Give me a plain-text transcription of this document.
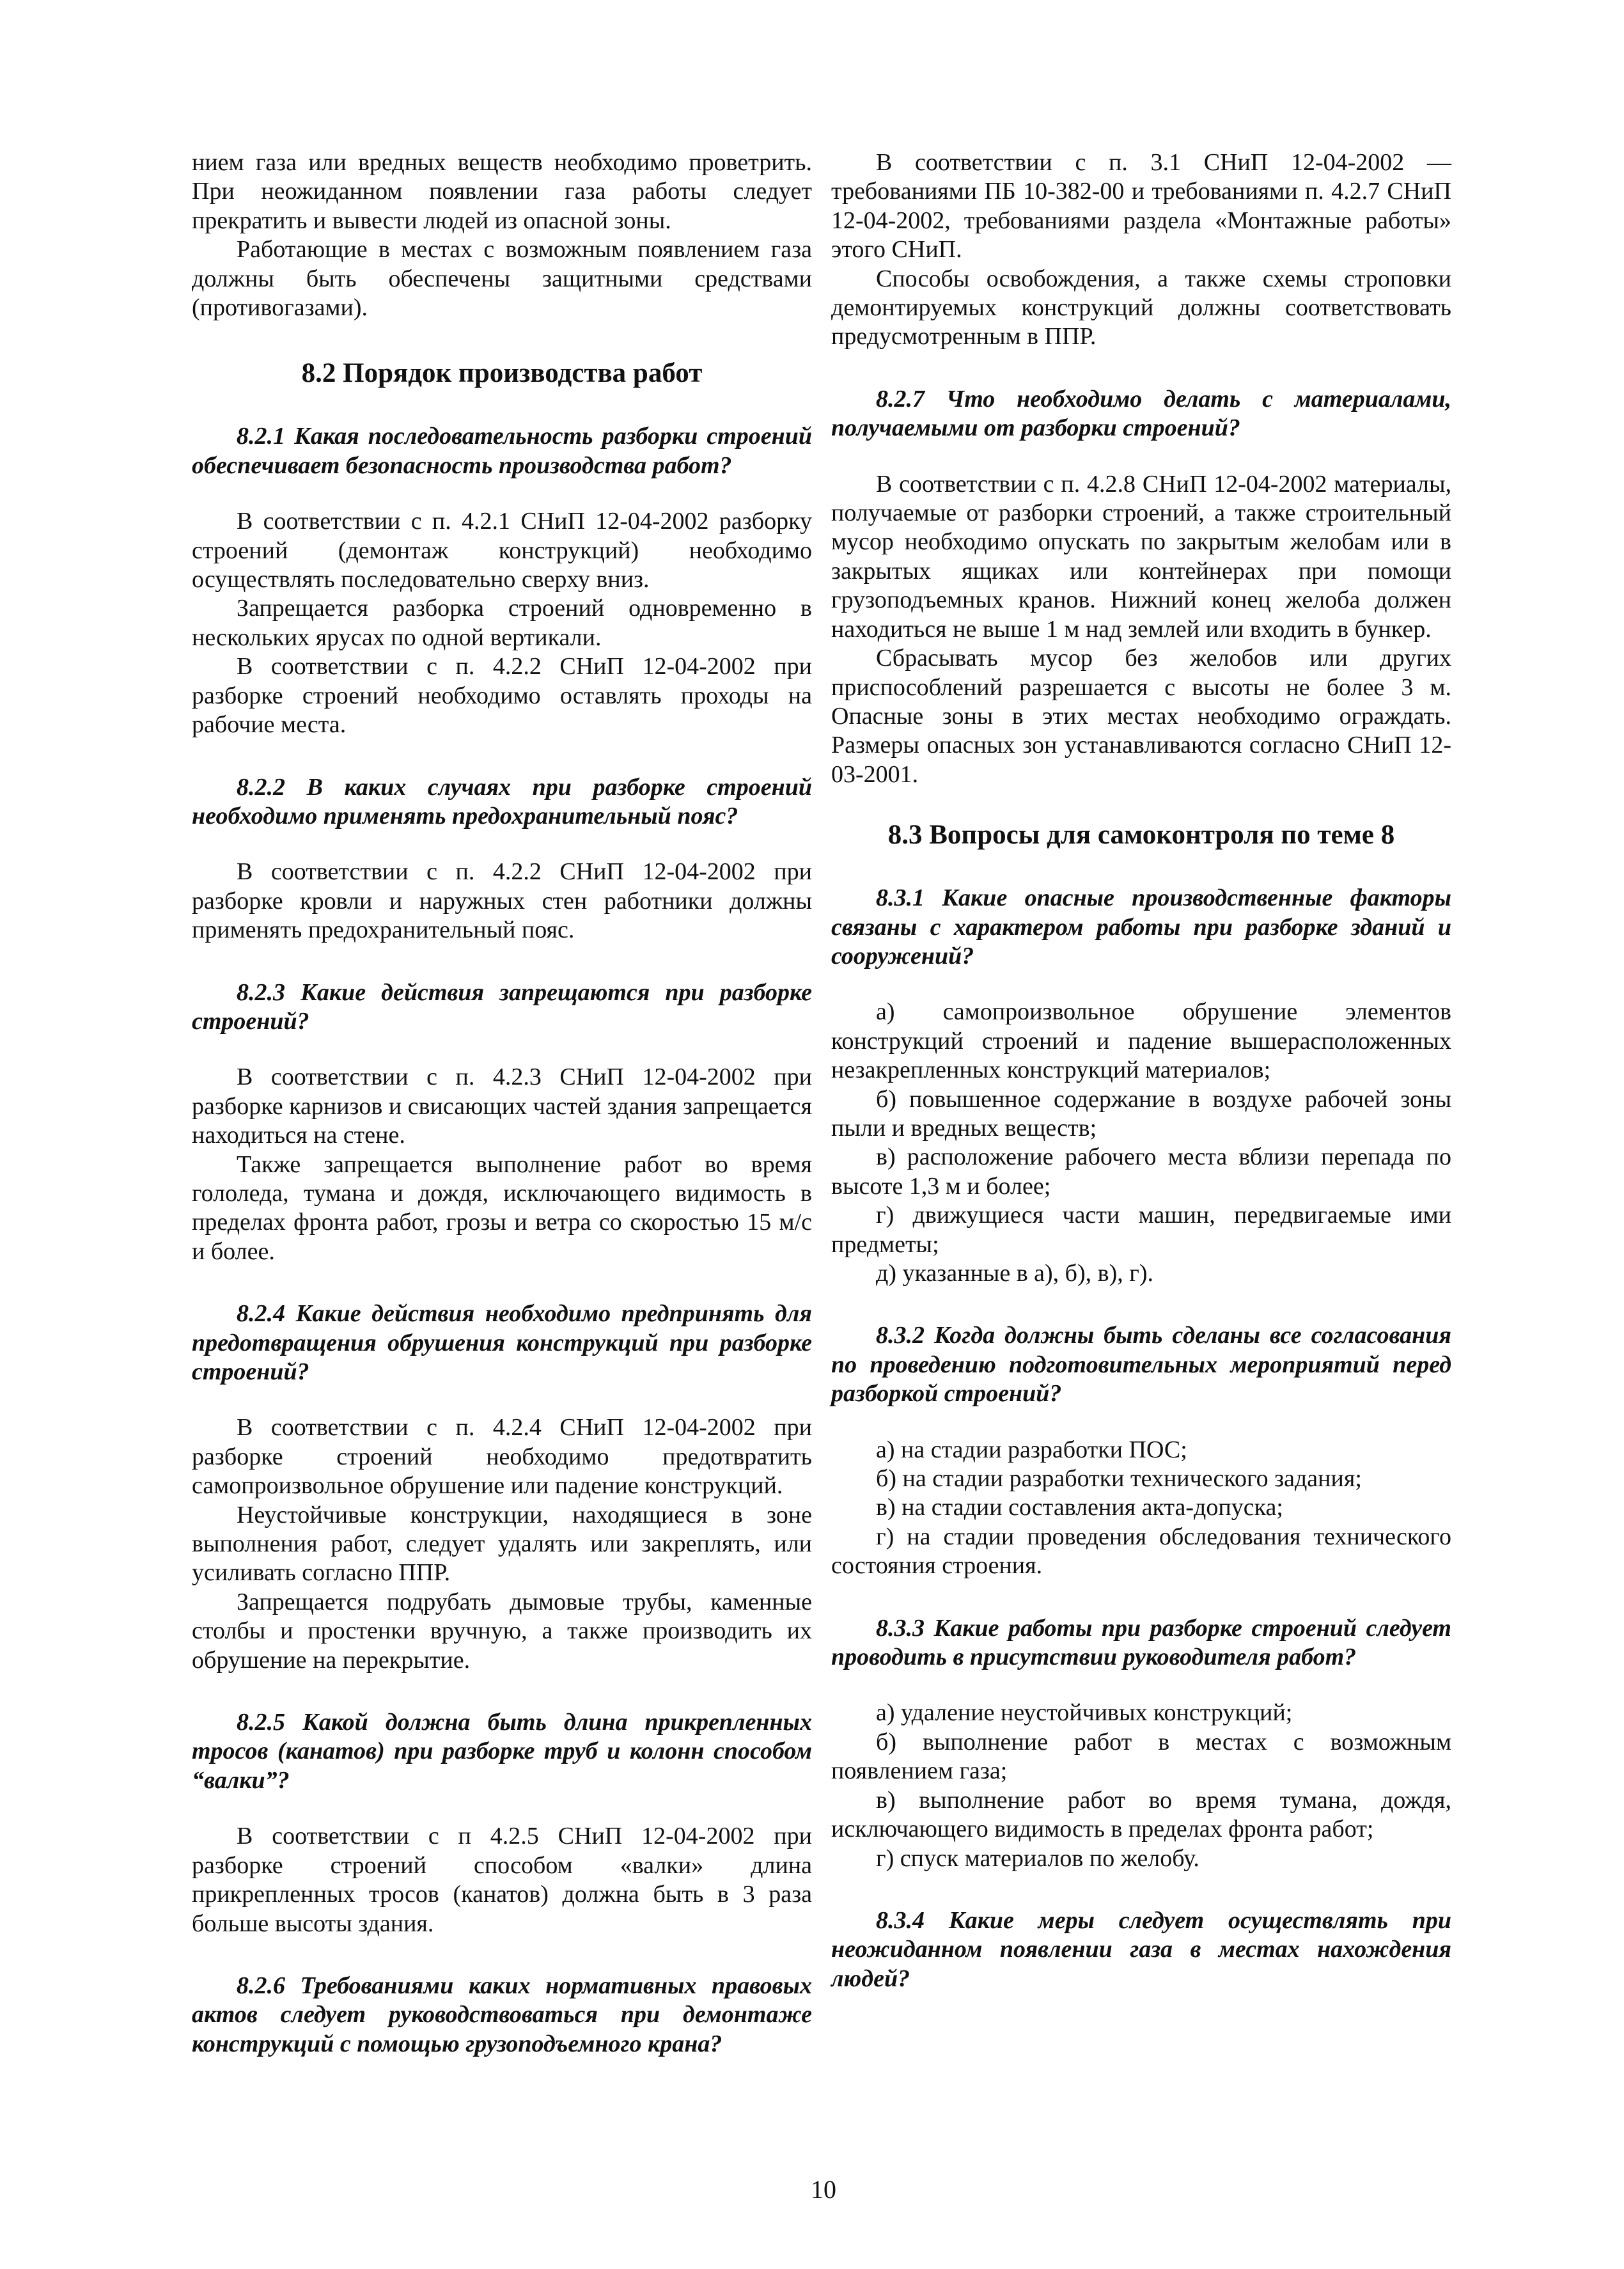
нием газа или вредных веществ необходимо проветрить. При неожиданном появлении газа работы следует прекратить и вывести людей из опасной зоны.

Работающие в местах с возможным появлением газа должны быть обеспечены защитными средствами (противогазами).

8.2 Порядок производства работ
8.2.1 Какая последовательность разборки строений обеспечивает безопасность производства работ?

В соответствии с п. 4.2.1 СНиП 12-04-2002 разборку строений (демонтаж конструкций) необходимо осуществлять последовательно сверху вниз.

Запрещается разборка строений одновременно в нескольких ярусах по одной вертикали.

В соответствии с п. 4.2.2 СНиП 12-04-2002 при разборке строений необходимо оставлять проходы на рабочие места.

8.2.2 В каких случаях при разборке строений необходимо применять предохранительный пояс?

В соответствии с п. 4.2.2 СНиП 12-04-2002 при разборке кровли и наружных стен работники должны применять предохранительный пояс.

8.2.3 Какие действия запрещаются при разборке строений?

В соответствии с п. 4.2.3 СНиП 12-04-2002 при разборке карнизов и свисающих частей здания запрещается находиться на стене.

Также запрещается выполнение работ во время гололеда, тумана и дождя, исключающего видимость в пределах фронта работ, грозы и ветра со скоростью 15 м/с и более.

8.2.4 Какие действия необходимо предпринять для предотвращения обрушения конструкций при разборке строений?

В соответствии с п. 4.2.4 СНиП 12-04-2002 при разборке строений необходимо предотвратить самопроизвольное обрушение или падение конструкций.

Неустойчивые конструкции, находящиеся в зоне выполнения работ, следует удалять или закреплять, или усиливать согласно ППР.

Запрещается подрубать дымовые трубы, каменные столбы и простенки вручную, а также производить их обрушение на перекрытие.

8.2.5 Какой должна быть длина прикрепленных тросов (канатов) при разборке труб и колонн способом “валки”?

В соответствии с п 4.2.5 СНиП 12-04-2002 при разборке строений способом «валки» длина прикрепленных тросов (канатов) должна быть в 3 раза больше высоты здания.

8.2.6 Требованиями каких нормативных правовых актов следует руководствоваться при демонтаже конструкций с помощью грузоподъемного крана?

В соответствии с п. 3.1 СНиП 12-04-2002 — требованиями ПБ 10-382-00 и требованиями п. 4.2.7 СНиП 12-04-2002, требованиями раздела «Монтажные работы» этого СНиП.

Способы освобождения, а также схемы строповки демонтируемых конструкций должны соответствовать предусмотренным в ППР.

8.2.7 Что необходимо делать с материалами, получаемыми от разборки строений?

В соответствии с п. 4.2.8 СНиП 12-04-2002 материалы, получаемые от разборки строений, а также строительный мусор необходимо опускать по закрытым желобам или в закрытых ящиках или контейнерах при помощи грузоподъемных кранов. Нижний конец желоба должен находиться не выше 1 м над землей или входить в бункер.

Сбрасывать мусор без желобов или других приспособлений разрешается с высоты не более 3 м. Опасные зоны в этих местах необходимо ограждать. Размеры опасных зон устанавливаются согласно СНиП 12-03-2001.

8.3 Вопросы для самоконтроля по теме 8
8.3.1 Какие опасные производственные факторы связаны с характером работы при разборке зданий и сооружений?

а) самопроизвольное обрушение элементов конструкций строений и падение вышерасположенных незакрепленных конструкций материалов;

б) повышенное содержание в воздухе рабочей зоны пыли и вредных веществ;

в) расположение рабочего места вблизи перепада по высоте 1,3 м и более;

г) движущиеся части машин, передвигаемые ими предметы;

д) указанные в а), б), в), г).

8.3.2 Когда должны быть сделаны все согласования по проведению подготовительных мероприятий перед разборкой строений?

а) на стадии разработки ПОС;

б) на стадии разработки технического задания;

в) на стадии составления акта-допуска;

г) на стадии проведения обследования технического состояния строения.

8.3.3 Какие работы при разборке строений следует проводить в присутствии руководителя работ?

а) удаление неустойчивых конструкций;

б) выполнение работ в местах с возможным появлением газа;

в) выполнение работ во время тумана, дождя, исключающего видимость в пределах фронта работ;

г) спуск материалов по желобу.

8.3.4 Какие меры следует осуществлять при неожиданном появлении газа в местах нахождения людей?
10
